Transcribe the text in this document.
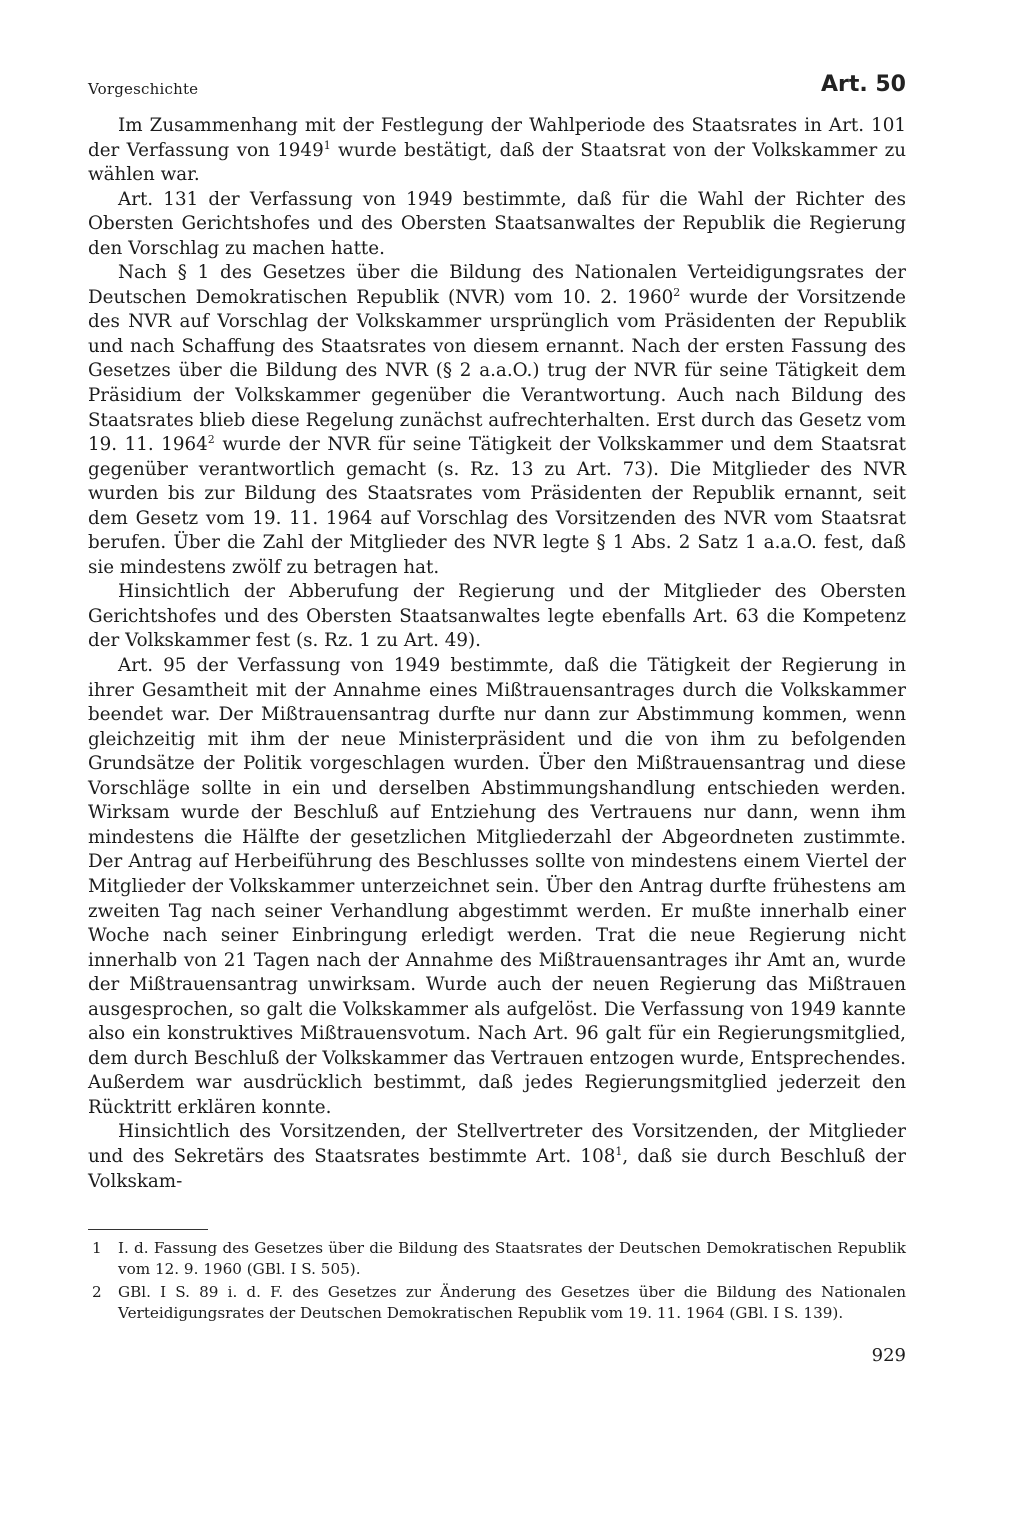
Vorgeschichte	Art. 50

Im Zusammenhang mit der Festlegung der Wahlperiode des Staatsrates in Art. 101 der Verfassung von 1949$^1$ wurde bestätigt, daß der Staatsrat von der Volkskammer zu wählen war.

Art. 131 der Verfassung von 1949 bestimmte, daß für die Wahl der Richter des Obersten Gerichtshofes und des Obersten Staatsanwaltes der Republik die Regierung den Vorschlag zu machen hatte.

Nach § 1 des Gesetzes über die Bildung des Nationalen Verteidigungsrates der Deutschen Demokratischen Republik (NVR) vom 10. 2. 1960$^2$ wurde der Vorsitzende des NVR auf Vorschlag der Volkskammer ursprünglich vom Präsidenten der Republik und nach Schaffung des Staatsrates von diesem ernannt. Nach der ersten Fassung des Gesetzes über die Bildung des NVR (§ 2 a.a.O.) trug der NVR für seine Tätigkeit dem Präsidium der Volkskammer gegenüber die Verantwortung. Auch nach Bildung des Staatsrates blieb diese Regelung zunächst aufrechterhalten. Erst durch das Gesetz vom 19. 11. 1964$^2$ wurde der NVR für seine Tätigkeit der Volkskammer und dem Staatsrat gegenüber verantwortlich gemacht (s. Rz. 13 zu Art. 73). Die Mitglieder des NVR wurden bis zur Bildung des Staatsrates vom Präsidenten der Republik ernannt, seit dem Gesetz vom 19. 11. 1964 auf Vorschlag des Vorsitzenden des NVR vom Staatsrat berufen. Über die Zahl der Mitglieder des NVR legte § 1 Abs. 2 Satz 1 a.a.O. fest, daß sie mindestens zwölf zu betragen hat.

Hinsichtlich der Abberufung der Regierung und der Mitglieder des Obersten Gerichtshofes und des Obersten Staatsanwaltes legte ebenfalls Art. 63 die Kompetenz der Volkskammer fest (s. Rz. 1 zu Art. 49).

Art. 95 der Verfassung von 1949 bestimmte, daß die Tätigkeit der Regierung in ihrer Gesamtheit mit der Annahme eines Mißtrauensantrages durch die Volkskammer beendet war. Der Mißtrauensantrag durfte nur dann zur Abstimmung kommen, wenn gleichzeitig mit ihm der neue Ministerpräsident und die von ihm zu befolgenden Grundsätze der Politik vorgeschlagen wurden. Über den Mißtrauensantrag und diese Vorschläge sollte in ein und derselben Abstimmungshandlung entschieden werden. Wirksam wurde der Beschluß auf Entziehung des Vertrauens nur dann, wenn ihm mindestens die Hälfte der gesetzlichen Mitgliederzahl der Abgeordneten zustimmte. Der Antrag auf Herbeiführung des Beschlusses sollte von mindestens einem Viertel der Mitglieder der Volkskammer unterzeichnet sein. Über den Antrag durfte frühestens am zweiten Tag nach seiner Verhandlung abgestimmt werden. Er mußte innerhalb einer Woche nach seiner Einbringung erledigt werden. Trat die neue Regierung nicht innerhalb von 21 Tagen nach der Annahme des Mißtrauensantrages ihr Amt an, wurde der Mißtrauensantrag unwirksam. Wurde auch der neuen Regierung das Mißtrauen ausgesprochen, so galt die Volkskammer als aufgelöst. Die Verfassung von 1949 kannte also ein konstruktives Mißtrauensvotum. Nach Art. 96 galt für ein Regierungsmitglied, dem durch Beschluß der Volkskammer das Vertrauen entzogen wurde, Entsprechendes. Außerdem war ausdrücklich bestimmt, daß jedes Regierungsmitglied jederzeit den Rücktritt erklären konnte.

Hinsichtlich des Vorsitzenden, der Stellvertreter des Vorsitzenden, der Mitglieder und des Sekretärs des Staatsrates bestimmte Art. $108^1$, daß sie durch Beschluß der Volkskam-

1 I. d. Fassung des Gesetzes über die Bildung des Staatsrates der Deutschen Demokratischen Republik vom 12. 9. 1960 (GBl. I S. 505).
2 GBl. I S. 89 i. d. F. des Gesetzes zur Änderung des Gesetzes über die Bildung des Nationalen Verteidigungsrates der Deutschen Demokratischen Republik vom 19. 11. 1964 (GBl. I S. 139).
929
